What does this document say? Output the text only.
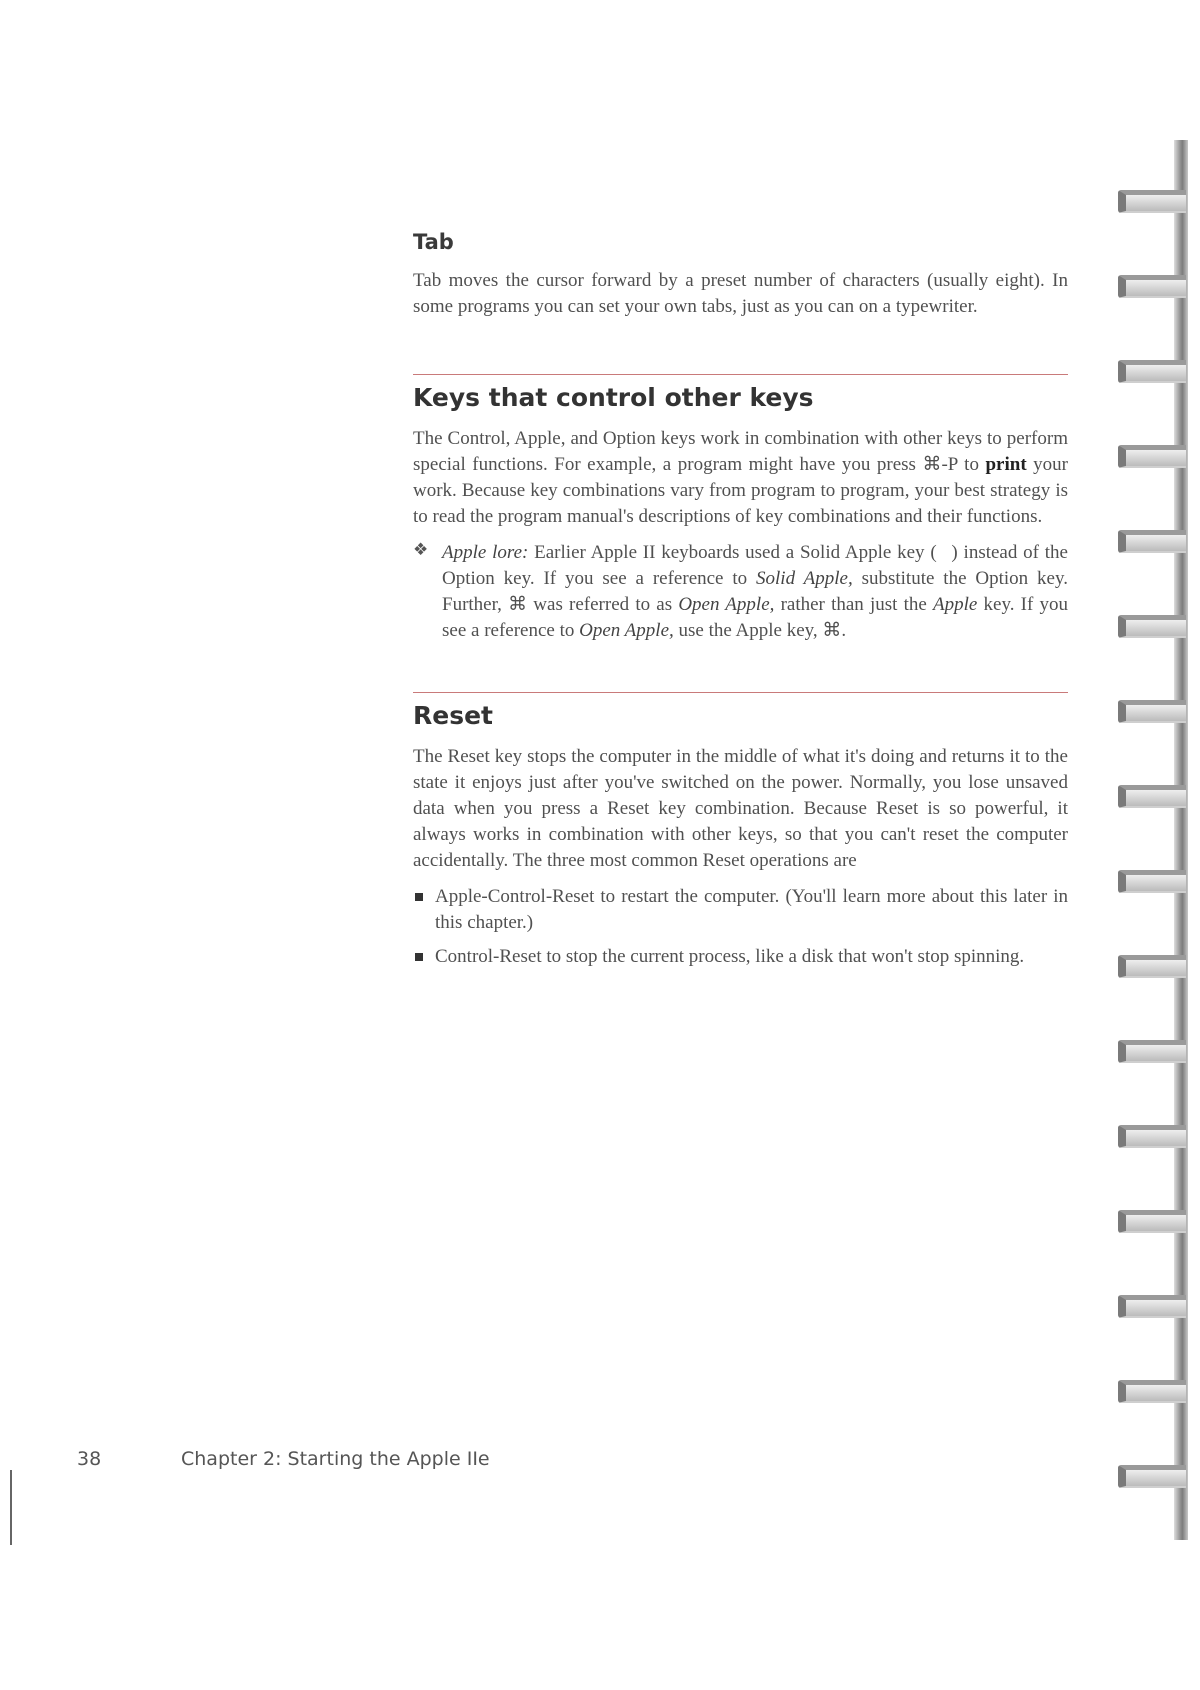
Tab

Tab moves the cursor forward by a preset number of characters (usually eight). In some programs you can set your own tabs, just as you can on a typewriter.

Keys that control other keys

The Control, Apple, and Option keys work in combination with other keys to perform special functions. For example, a program might have you press ⌘-P to print your work. Because key combinations vary from program to program, your best strategy is to read the program manual's descriptions of key combinations and their functions.

❖ Apple lore: Earlier Apple II keyboards used a Solid Apple key ( ) instead of the Option key. If you see a reference to Solid Apple, substitute the Option key. Further, ⌘ was referred to as Open Apple, rather than just the Apple key. If you see a reference to Open Apple, use the Apple key, ⌘.

Reset

The Reset key stops the computer in the middle of what it's doing and returns it to the state it enjoys just after you've switched on the power. Normally, you lose unsaved data when you press a Reset key combination. Because Reset is so powerful, it always works in combination with other keys, so that you can't reset the computer accidentally. The three most common Reset operations are

Apple-Control-Reset to restart the computer. (You'll learn more about this later in this chapter.)

Control-Reset to stop the current process, like a disk that won't stop spinning.

38	Chapter 2: Starting the Apple IIe
